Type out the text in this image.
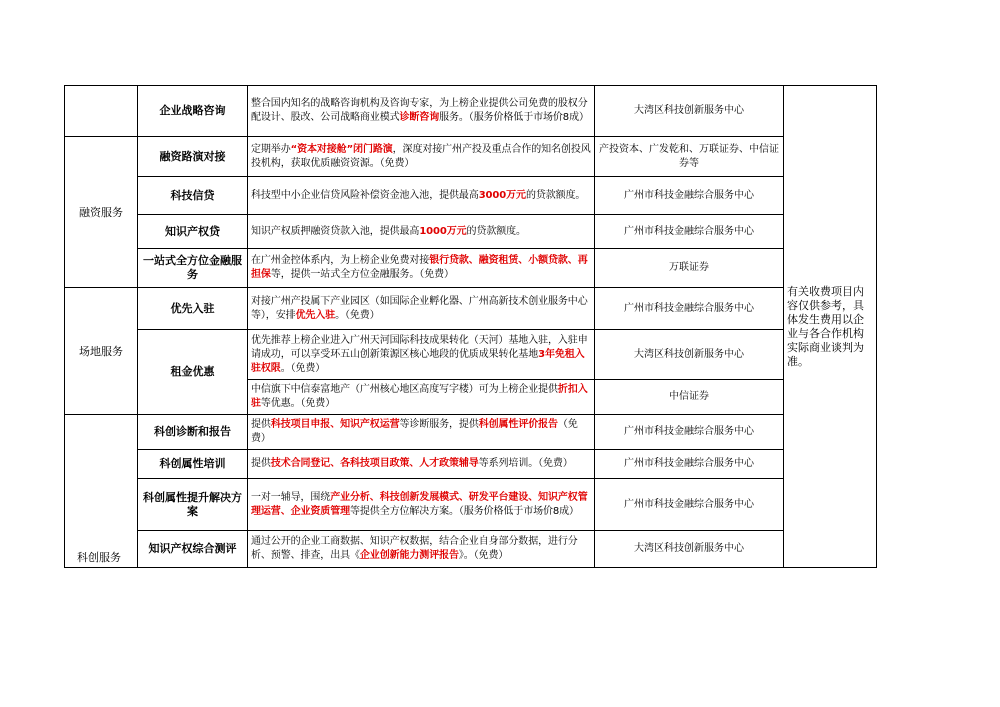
	企业战略咨询	整合国内知名的战略咨询机构及咨询专家，为上榜企业提供公司免费的股权分配设计、股改、公司战略商业模式诊断咨询服务。（服务价格低于市场价8成）	大湾区科技创新服务中心	有关收费项目内容仅供参考，具体发生费用以企业与各合作机构实际商业谈判为准。
融资服务	融资路演对接	定期举办“资本对接舱”闭门路演，深度对接广州产投及重点合作的知名创投风投机构，获取优质融资资源。（免费）	产投资本、广发乾和、万联证券、中信证券等	
	科技信贷	科技型中小企业信贷风险补偿资金池入池，提供最高3000万元的贷款额度。	广州市科技金融综合服务中心	
	知识产权贷	知识产权质押融资贷款入池，提供最高1000万元的贷款额度。	广州市科技金融综合服务中心	
	一站式全方位金融服务	在广州金控体系内，为上榜企业免费对接银行贷款、融资租赁、小额贷款、再担保等，提供一站式全方位金融服务。（免费）	万联证券	
场地服务	优先入驻	对接广州产投属下产业园区（如国际企业孵化器、广州高新技术创业服务中心等），安排优先入驻。（免费）	广州市科技金融综合服务中心	
	租金优惠	优先推荐上榜企业进入广州天河国际科技成果转化（天河）基地入驻，入驻申请成功，可以享受环五山创新策源区核心地段的优质成果转化基地3年免租入驻权限。（免费）	大湾区科技创新服务中心	
		中信旗下中信泰富地产（广州核心地区高度写字楼）可为上榜企业提供折扣入驻等优惠。（免费）	中信证券	
科创服务	科创诊断和报告	提供科技项目申报、知识产权运营等诊断服务，提供科创属性评价报告（免费）	广州市科技金融综合服务中心	
	科创属性培训	提供技术合同登记、各科技项目政策、人才政策辅导等系列培训。（免费）	广州市科技金融综合服务中心	
	科创属性提升解决方案	一对一辅导，围绕产业分析、科技创新发展模式、研发平台建设、知识产权管理运营、企业资质管理等提供全方位解决方案。（服务价格低于市场价8成）	广州市科技金融综合服务中心	
	知识产权综合测评	通过公开的企业工商数据、知识产权数据，结合企业自身部分数据，进行分析、预警、排查，出具《企业创新能力测评报告》。（免费）	大湾区科技创新服务中心	
